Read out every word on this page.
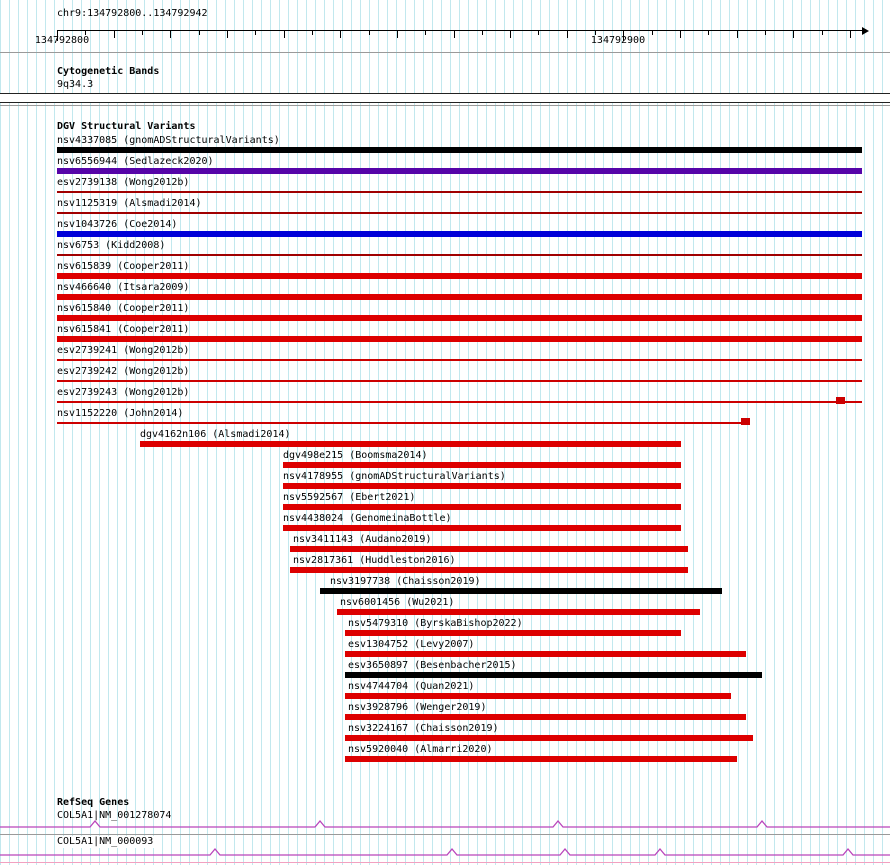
chr9:134792800..134792942
134792800	134792900
Cytogenetic Bands
9q34.3
DGV Structural Variants
nsv4337085 (gnomADStructuralVariants)
nsv6556944 (Sedlazeck2020)
esv2739138 (Wong2012b)
nsv1125319 (Alsmadi2014)
nsv1043726 (Coe2014)
nsv6753 (Kidd2008)
nsv615839 (Cooper2011)
nsv466640 (Itsara2009)
nsv615840 (Cooper2011)
nsv615841 (Cooper2011)
esv2739241 (Wong2012b)
esv2739242 (Wong2012b)
esv2739243 (Wong2012b)
nsv1152220 (John2014)
dgv4162n106 (Alsmadi2014)
dgv498e215 (Boomsma2014)
nsv4178955 (gnomADStructuralVariants)
nsv5592567 (Ebert2021)
nsv4438024 (GenomeinaBottle)
nsv3411143 (Audano2019)
nsv2817361 (Huddleston2016)
nsv3197738 (Chaisson2019)
nsv6001456 (Wu2021)
nsv5479310 (ByrskaBishop2022)
esv1304752 (Levy2007)
esv3650897 (Besenbacher2015)
nsv4744704 (Quan2021)
nsv3928796 (Wenger2019)
nsv3224167 (Chaisson2019)
nsv5920040 (Almarri2020)
RefSeq Genes
COL5A1|NM_001278074
COL5A1|NM_000093
